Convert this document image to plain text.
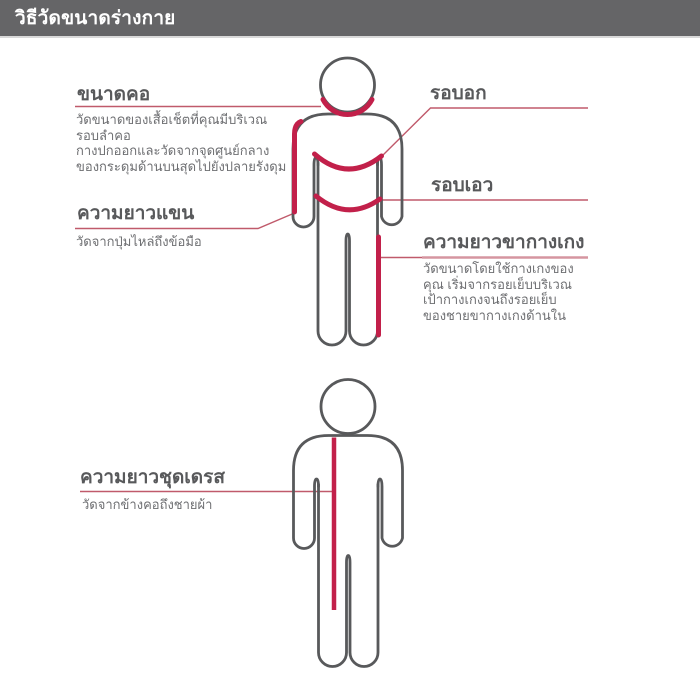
วิธีวัดขนาดร่างกาย
ขนาดคอ
วัดขนาดของเสื้อเช็ตที่คุณมีบริเวณ
รอบลำคอ
กางปกออกและวัดจากจุดศูนย์กลาง
ของกระดุมด้านบนสุดไปยังปลายรังดุม
ความยาวแขน
วัดจากปุ่มไหล่ถึงข้อมือ
รอบอก
รอบเอว
ความยาวขากางเกง
วัดขนาดโดยใช้กางเกงของ
คุณ เริ่มจากรอยเย็บบริเวณ
เป้ากางเกงจนถึงรอยเย็บ
ของชายขากางเกงด้านใน
ความยาวชุดเดรส
วัดจากข้างคอถึงชายผ้า
